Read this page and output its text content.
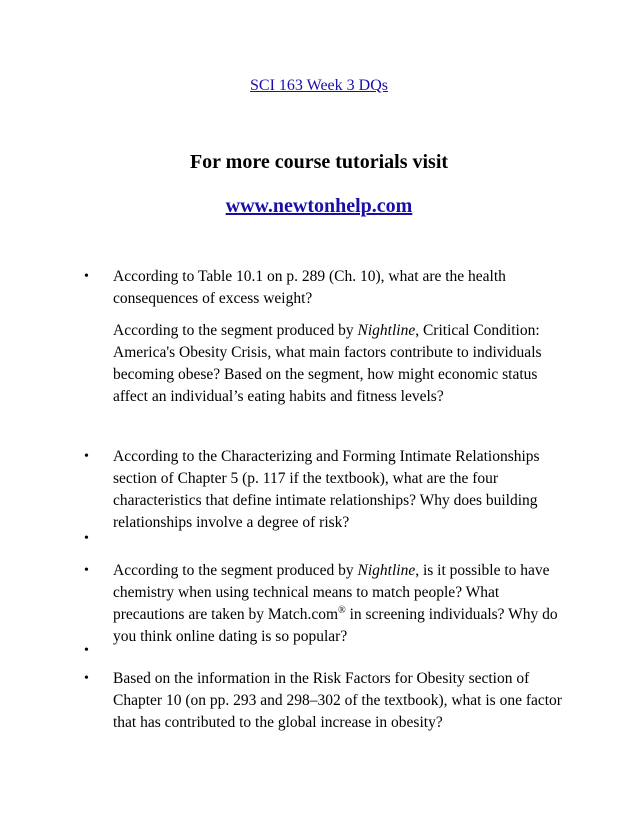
SCI 163 Week 3 DQs
For more course tutorials visit
www.newtonhelp.com
• According to Table 10.1 on p. 289 (Ch. 10), what are the health consequences of excess weight?
According to the segment produced by Nightline, Critical Condition: America's Obesity Crisis, what main factors contribute to individuals becoming obese? Based on the segment, how might economic status affect an individual’s eating habits and fitness levels?
• According to the Characterizing and Forming Intimate Relationships section of Chapter 5 (p. 117 if the textbook), what are the four characteristics that define intimate relationships? Why does building relationships involve a degree of risk?
•
• According to the segment produced by Nightline, is it possible to have chemistry when using technical means to match people? What precautions are taken by Match.com® in screening individuals? Why do you think online dating is so popular?
•
• Based on the information in the Risk Factors for Obesity section of Chapter 10 (on pp. 293 and 298–302 of the textbook), what is one factor that has contributed to the global increase in obesity?
